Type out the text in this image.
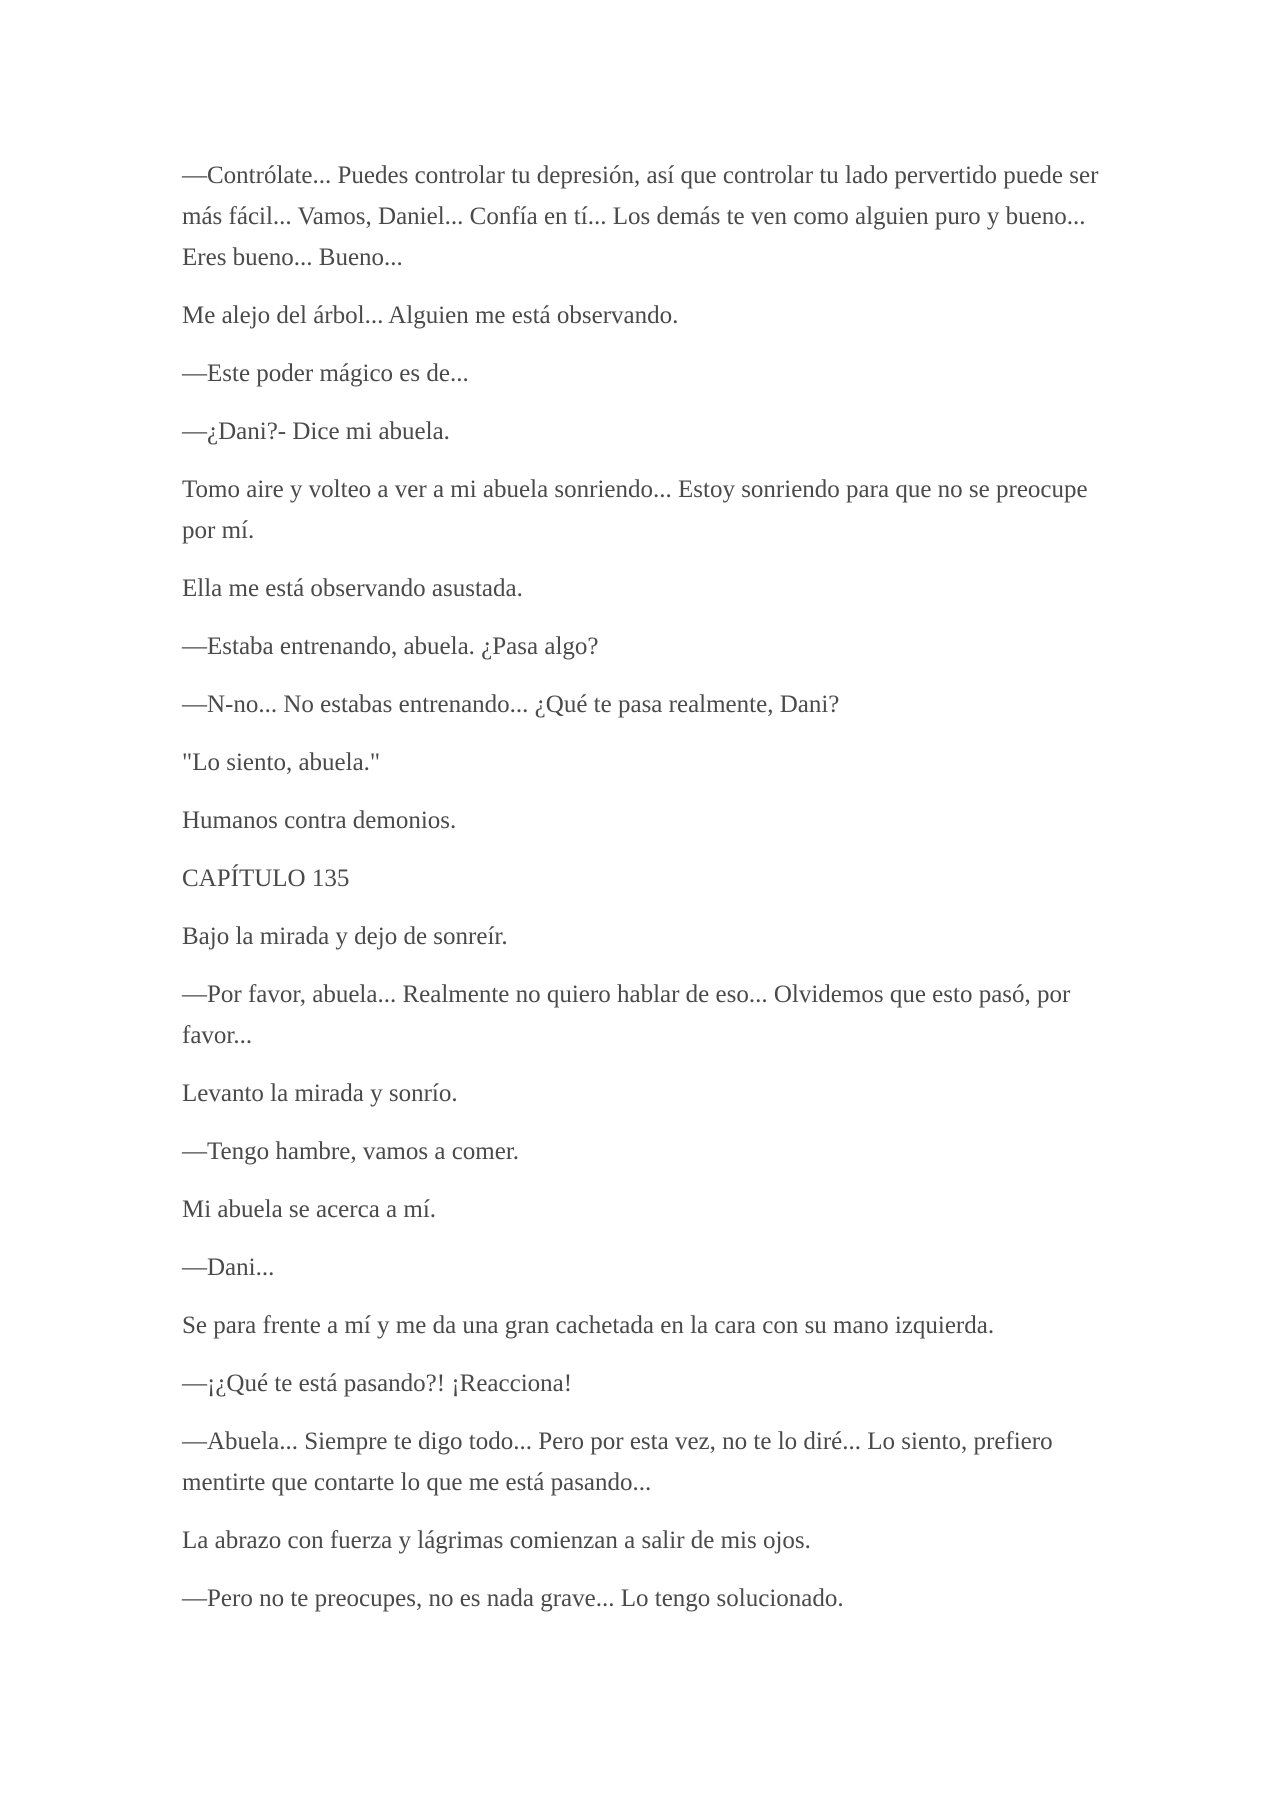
—Contrólate... Puedes controlar tu depresión, así que controlar tu lado pervertido puede ser más fácil... Vamos, Daniel... Confía en tí... Los demás te ven como alguien puro y bueno... Eres bueno... Bueno...

Me alejo del árbol... Alguien me está observando.

—Este poder mágico es de...

—¿Dani?- Dice mi abuela.

Tomo aire y volteo a ver a mi abuela sonriendo... Estoy sonriendo para que no se preocupe por mí.

Ella me está observando asustada.

—Estaba entrenando, abuela. ¿Pasa algo?

—N-no... No estabas entrenando... ¿Qué te pasa realmente, Dani?

"Lo siento, abuela."

Humanos contra demonios.

CAPÍTULO 135

Bajo la mirada y dejo de sonreír.

—Por favor, abuela... Realmente no quiero hablar de eso... Olvidemos que esto pasó, por favor...

Levanto la mirada y sonrío.

—Tengo hambre, vamos a comer.

Mi abuela se acerca a mí.

—Dani...

Se para frente a mí y me da una gran cachetada en la cara con su mano izquierda.

—¡¿Qué te está pasando?! ¡Reacciona!

—Abuela... Siempre te digo todo... Pero por esta vez, no te lo diré... Lo siento, prefiero mentirte que contarte lo que me está pasando...

La abrazo con fuerza y lágrimas comienzan a salir de mis ojos.

—Pero no te preocupes, no es nada grave... Lo tengo solucionado.
